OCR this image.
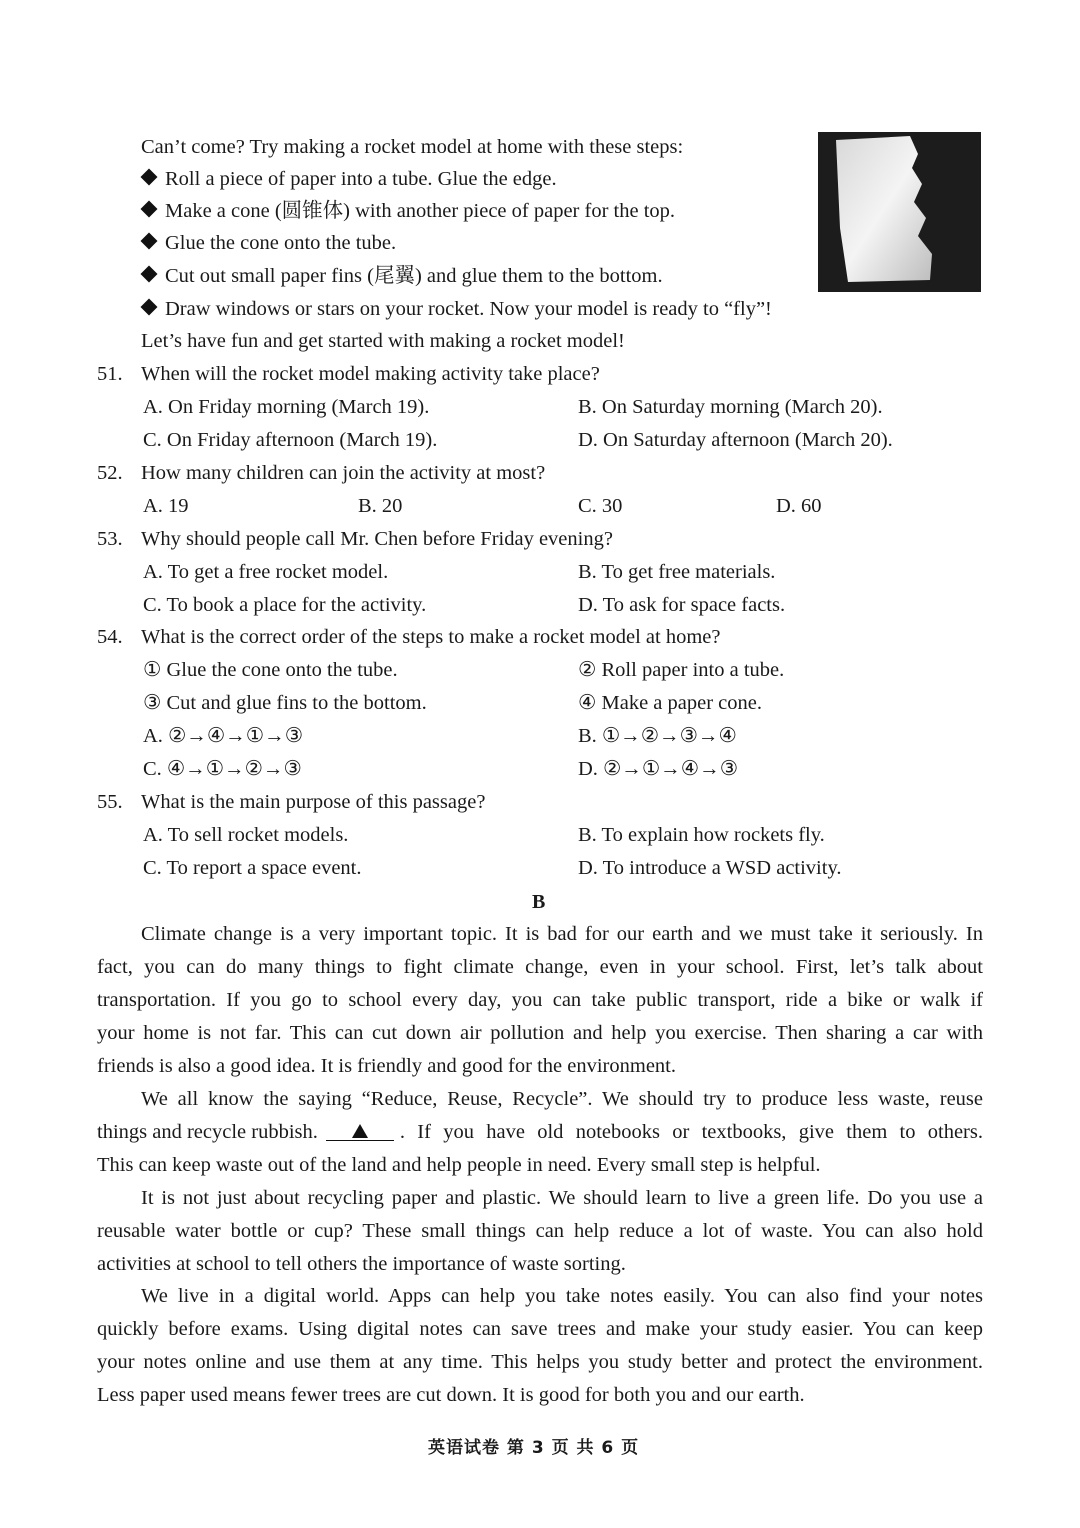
Can’t come? Try making a rocket model at home with these steps:
Roll a piece of paper into a tube. Glue the edge.
Make a cone (圆锥体) with another piece of paper for the top.
Glue the cone onto the tube.
Cut out small paper fins (尾翼) and glue them to the bottom.
Draw windows or stars on your rocket. Now your model is ready to “fly”!
Let’s have fun and get started with making a rocket model!
51. When will the rocket model making activity take place?
A. On Friday morning (March 19).	B. On Saturday morning (March 20).
C. On Friday afternoon (March 19).	D. On Saturday afternoon (March 20).
52. How many children can join the activity at most?
A. 19	B. 20	C. 30	D. 60
53. Why should people call Mr. Chen before Friday evening?
A. To get a free rocket model.	B. To get free materials.
C. To book a place for the activity.	D. To ask for space facts.
54. What is the correct order of the steps to make a rocket model at home?
① Glue the cone onto the tube.	② Roll paper into a tube.
③ Cut and glue fins to the bottom.	④ Make a paper cone.
A. ②→④→①→③	B. ①→②→③→④
C. ④→①→②→③	D. ②→①→④→③
55. What is the main purpose of this passage?
A. To sell rocket models.	B. To explain how rockets fly.
C. To report a space event.	D. To introduce a WSD activity.
B
Climate change is a very important topic. It is bad for our earth and we must take it seriously. In
fact, you can do many things to fight climate change, even in your school. First, let’s talk about
transportation. If you go to school every day, you can take public transport, ride a bike or walk if
your home is not far. This can cut down air pollution and help you exercise. Then sharing a car with
friends is also a good idea. It is friendly and good for the environment.
We all know the saying “Reduce, Reuse, Recycle”. We should try to produce less waste, reuse
things and recycle rubbish.	. If you have old notebooks or textbooks, give them to others.
This can keep waste out of the land and help people in need. Every small step is helpful.
It is not just about recycling paper and plastic. We should learn to live a green life. Do you use a
reusable water bottle or cup? These small things can help reduce a lot of waste. You can also hold
activities at school to tell others the importance of waste sorting.
We live in a digital world. Apps can help you take notes easily. You can also find your notes
quickly before exams. Using digital notes can save trees and make your study easier. You can keep
your notes online and use them at any time. This helps you study better and protect the environment.
Less paper used means fewer trees are cut down. It is good for both you and our earth.
英语试卷 第 3 页 共 6 页
